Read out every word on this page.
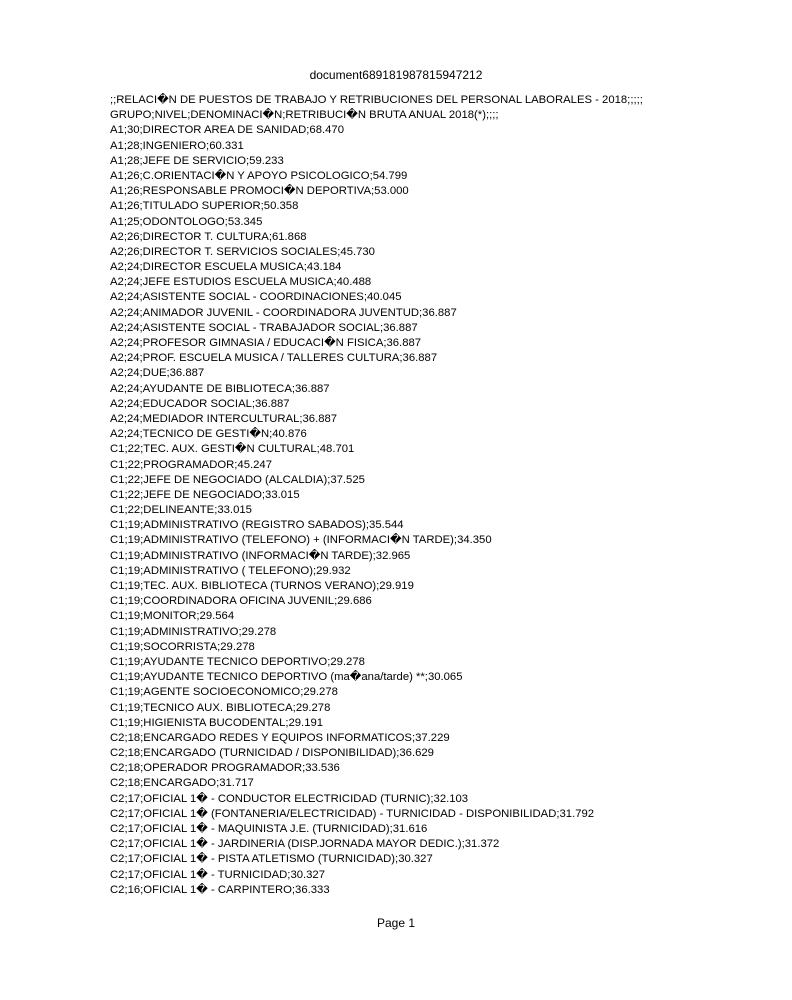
document689181987815947212
;;RELACI�N DE PUESTOS DE TRABAJO Y RETRIBUCIONES DEL PERSONAL LABORALES - 2018;;;;;
GRUPO;NIVEL;DENOMINACI�N;RETRIBUCI�N BRUTA ANUAL 2018(*);;;;
A1;30;DIRECTOR AREA DE SANIDAD;68.470
A1;28;INGENIERO;60.331
A1;28;JEFE DE SERVICIO;59.233
A1;26;C.ORIENTACI�N Y APOYO PSICOLOGICO;54.799
A1;26;RESPONSABLE PROMOCI�N DEPORTIVA;53.000
A1;26;TITULADO SUPERIOR;50.358
A1;25;ODONTOLOGO;53.345
A2;26;DIRECTOR T. CULTURA;61.868
A2;26;DIRECTOR T. SERVICIOS SOCIALES;45.730
A2;24;DIRECTOR ESCUELA MUSICA;43.184
A2;24;JEFE ESTUDIOS ESCUELA MUSICA;40.488
A2;24;ASISTENTE SOCIAL - COORDINACIONES;40.045
A2;24;ANIMADOR JUVENIL - COORDINADORA JUVENTUD;36.887
A2;24;ASISTENTE SOCIAL - TRABAJADOR SOCIAL;36.887
A2;24;PROFESOR GIMNASIA / EDUCACI�N FISICA;36.887
A2;24;PROF. ESCUELA MUSICA / TALLERES CULTURA;36.887
A2;24;DUE;36.887
A2;24;AYUDANTE DE BIBLIOTECA;36.887
A2;24;EDUCADOR SOCIAL;36.887
A2;24;MEDIADOR INTERCULTURAL;36.887
A2;24;TECNICO DE GESTI�N;40.876
C1;22;TEC. AUX. GESTI�N CULTURAL;48.701
C1;22;PROGRAMADOR;45.247
C1;22;JEFE DE NEGOCIADO (ALCALDIA);37.525
C1;22;JEFE DE NEGOCIADO;33.015
C1;22;DELINEANTE;33.015
C1;19;ADMINISTRATIVO (REGISTRO SABADOS);35.544
C1;19;ADMINISTRATIVO (TELEFONO) + (INFORMACI�N TARDE);34.350
C1;19;ADMINISTRATIVO (INFORMACI�N TARDE);32.965
C1;19;ADMINISTRATIVO ( TELEFONO);29.932
C1;19;TEC. AUX. BIBLIOTECA (TURNOS VERANO);29.919
C1;19;COORDINADORA OFICINA JUVENIL;29.686
C1;19;MONITOR;29.564
C1;19;ADMINISTRATIVO;29.278
C1;19;SOCORRISTA;29.278
C1;19;AYUDANTE TECNICO DEPORTIVO;29.278
C1;19;AYUDANTE TECNICO DEPORTIVO (ma�ana/tarde) **;30.065
C1;19;AGENTE SOCIOECONOMICO;29.278
C1;19;TECNICO AUX. BIBLIOTECA;29.278
C1;19;HIGIENISTA BUCODENTAL;29.191
C2;18;ENCARGADO REDES Y EQUIPOS INFORMATICOS;37.229
C2;18;ENCARGADO (TURNICIDAD / DISPONIBILIDAD);36.629
C2;18;OPERADOR PROGRAMADOR;33.536
C2;18;ENCARGADO;31.717
C2;17;OFICIAL 1� - CONDUCTOR ELECTRICIDAD (TURNIC);32.103
C2;17;OFICIAL 1� (FONTANERIA/ELECTRICIDAD) - TURNICIDAD - DISPONIBILIDAD;31.792
C2;17;OFICIAL 1� - MAQUINISTA J.E. (TURNICIDAD);31.616
C2;17;OFICIAL 1� - JARDINERIA (DISP.JORNADA MAYOR DEDIC.);31.372
C2;17;OFICIAL 1� - PISTA ATLETISMO (TURNICIDAD);30.327
C2;17;OFICIAL 1� - TURNICIDAD;30.327
C2;16;OFICIAL 1� - CARPINTERO;36.333
Page 1
